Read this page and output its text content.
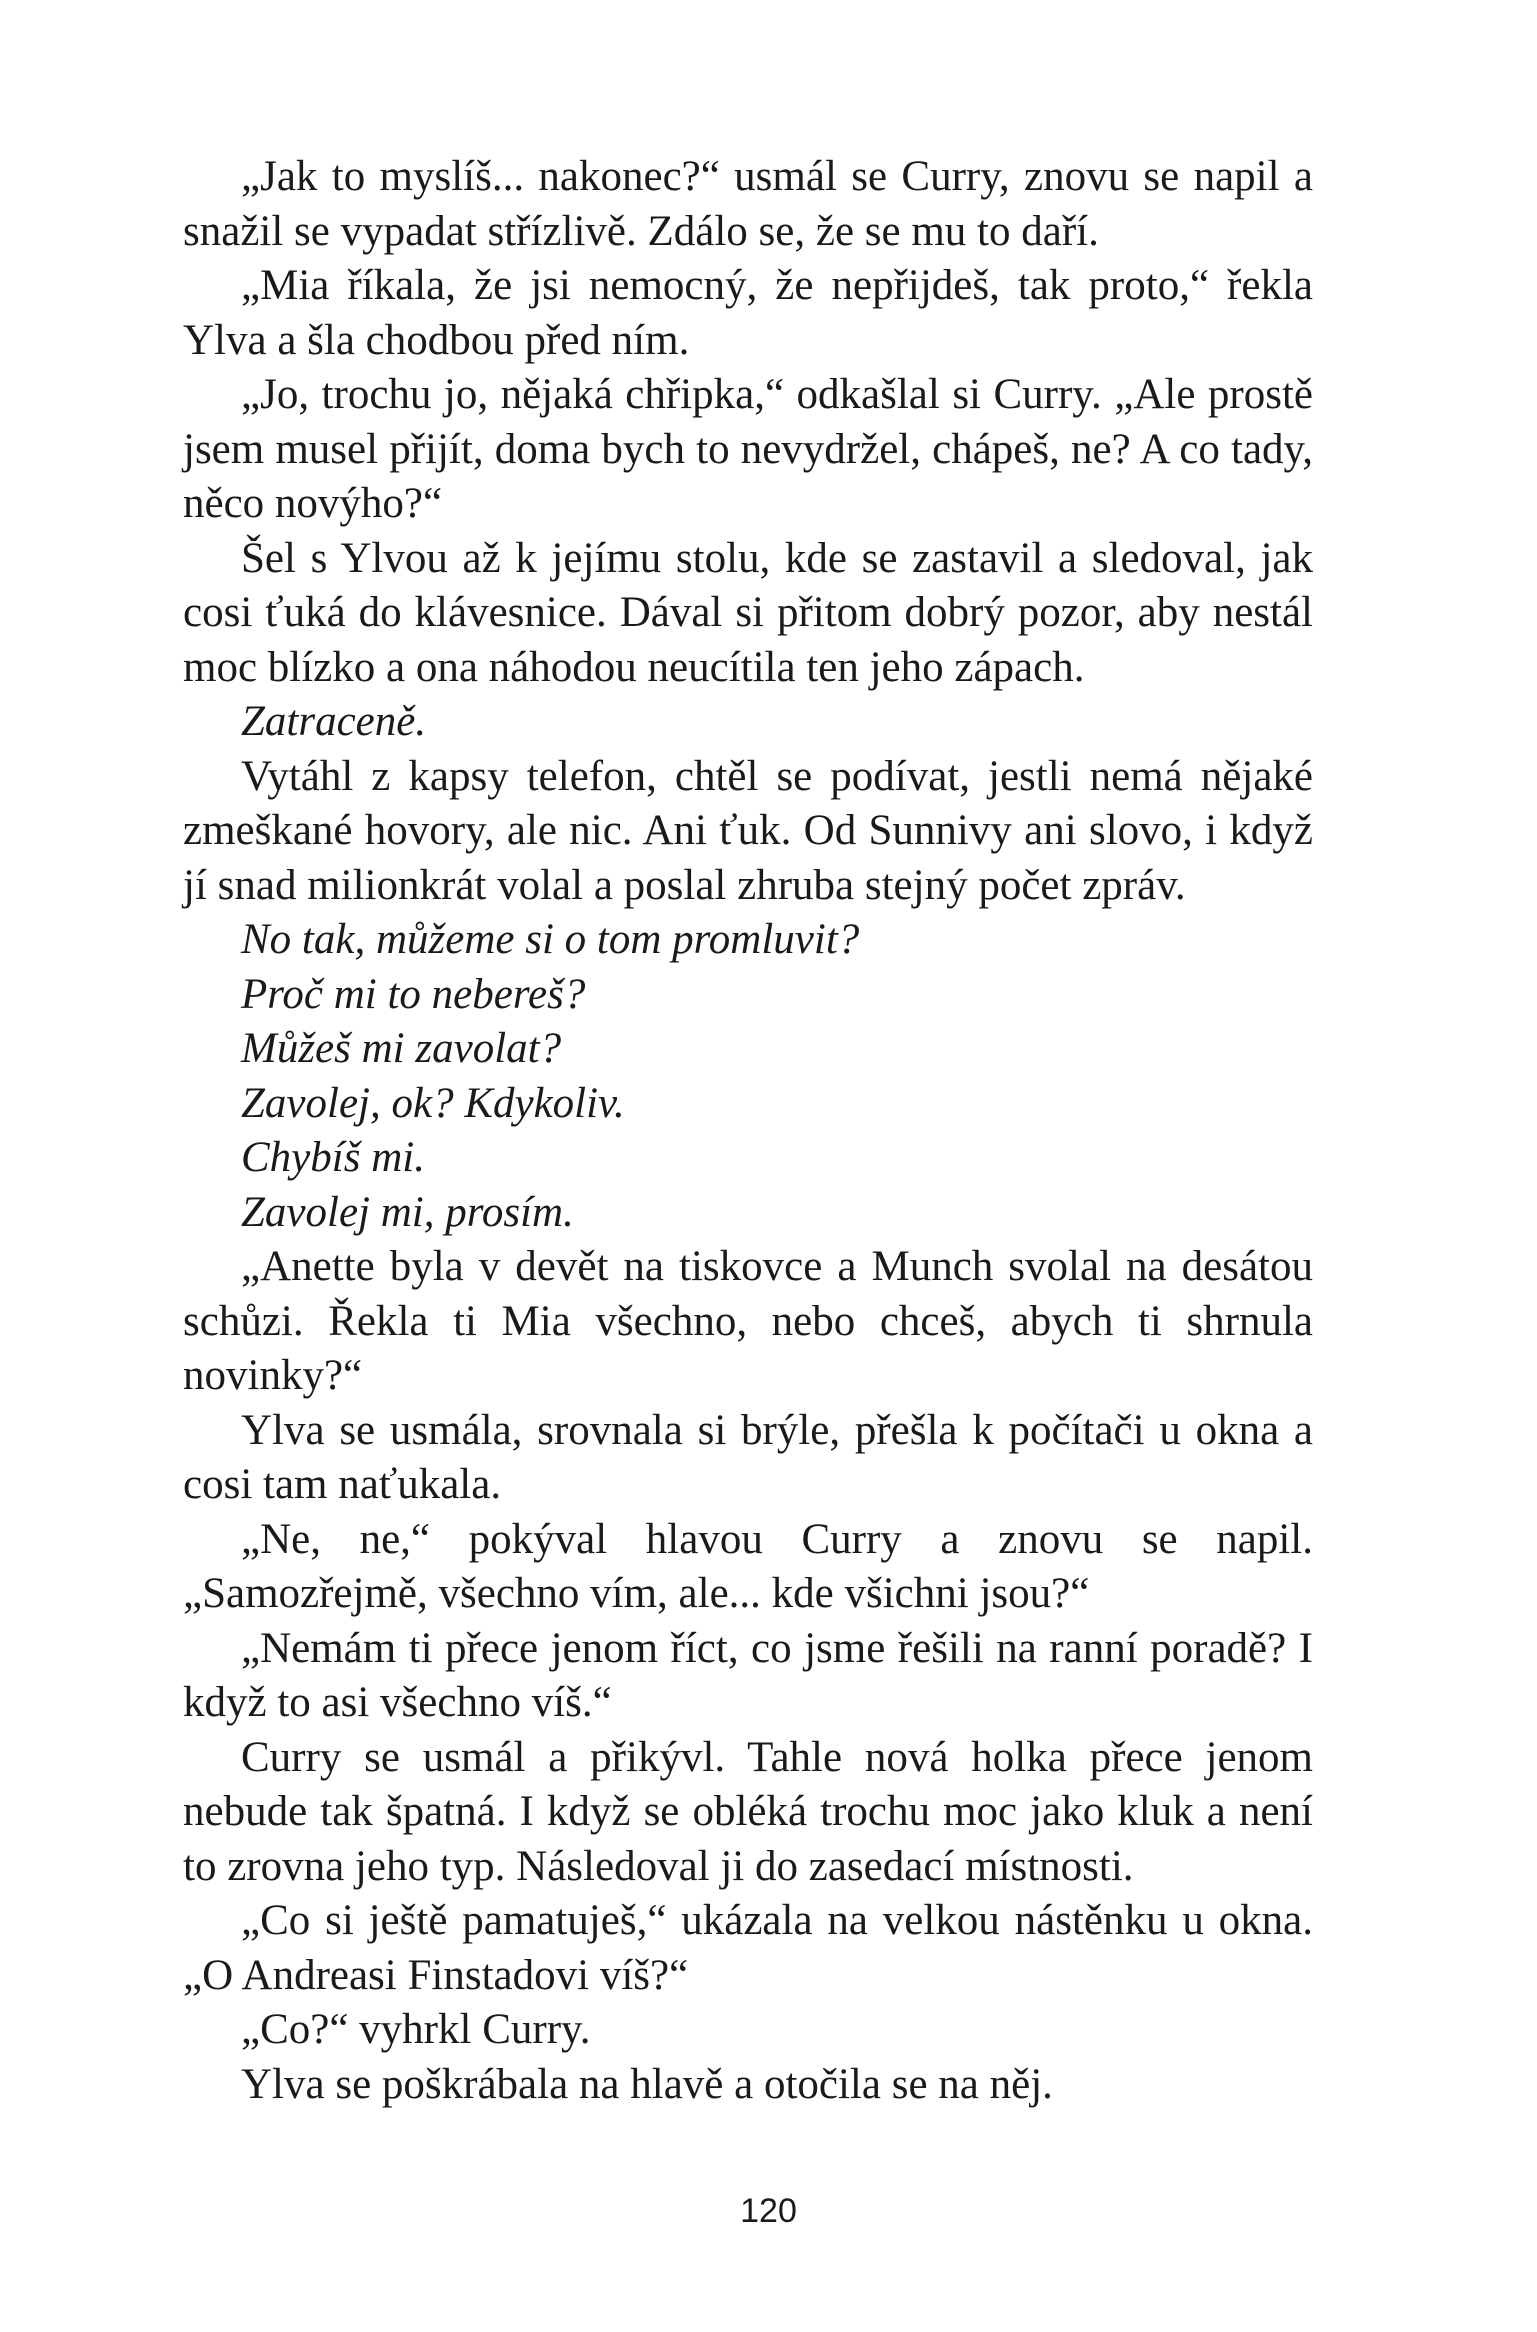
„Jak to myslíš... nakonec?“ usmál se Curry, znovu se napil a snažil se vypadat střízlivě. Zdálo se, že se mu to daří.

„Mia říkala, že jsi nemocný, že nepřijdeš, tak proto,“ řekla Ylva a šla chodbou před ním.

„Jo, trochu jo, nějaká chřipka,“ odkašlal si Curry. „Ale prostě jsem musel přijít, doma bych to nevydržel, chápeš, ne? A co tady, něco novýho?“

Šel s Ylvou až k jejímu stolu, kde se zastavil a sledoval, jak cosi ťuká do klávesnice. Dával si přitom dobrý pozor, aby nestál moc blízko a ona náhodou neucítila ten jeho zápach.

Zatraceně.

Vytáhl z kapsy telefon, chtěl se podívat, jestli nemá nějaké zmeškané hovory, ale nic. Ani ťuk. Od Sunnivy ani slovo, i když jí snad milionkrát volal a poslal zhruba stejný počet zpráv.

No tak, můžeme si o tom promluvit?

Proč mi to nebereš?

Můžeš mi zavolat?

Zavolej, ok? Kdykoliv.

Chybíš mi.

Zavolej mi, prosím.

„Anette byla v devět na tiskovce a Munch svolal na desátou schůzi. Řekla ti Mia všechno, nebo chceš, abych ti shrnula novinky?“

Ylva se usmála, srovnala si brýle, přešla k počítači u okna a cosi tam naťukala.

„Ne, ne,“ pokýval hlavou Curry a znovu se napil. „Samozřejmě, všechno vím, ale... kde všichni jsou?“

„Nemám ti přece jenom říct, co jsme řešili na ranní poradě? I když to asi všechno víš.“

Curry se usmál a přikývl. Tahle nová holka přece jenom nebude tak špatná. I když se obléká trochu moc jako kluk a není to zrovna jeho typ. Následoval ji do zasedací místnosti.

„Co si ještě pamatuješ,“ ukázala na velkou nástěnku u okna. „O Andreasi Finstadovi víš?“

„Co?“ vyhrkl Curry.

Ylva se poškrábala na hlavě a otočila se na něj.

120
